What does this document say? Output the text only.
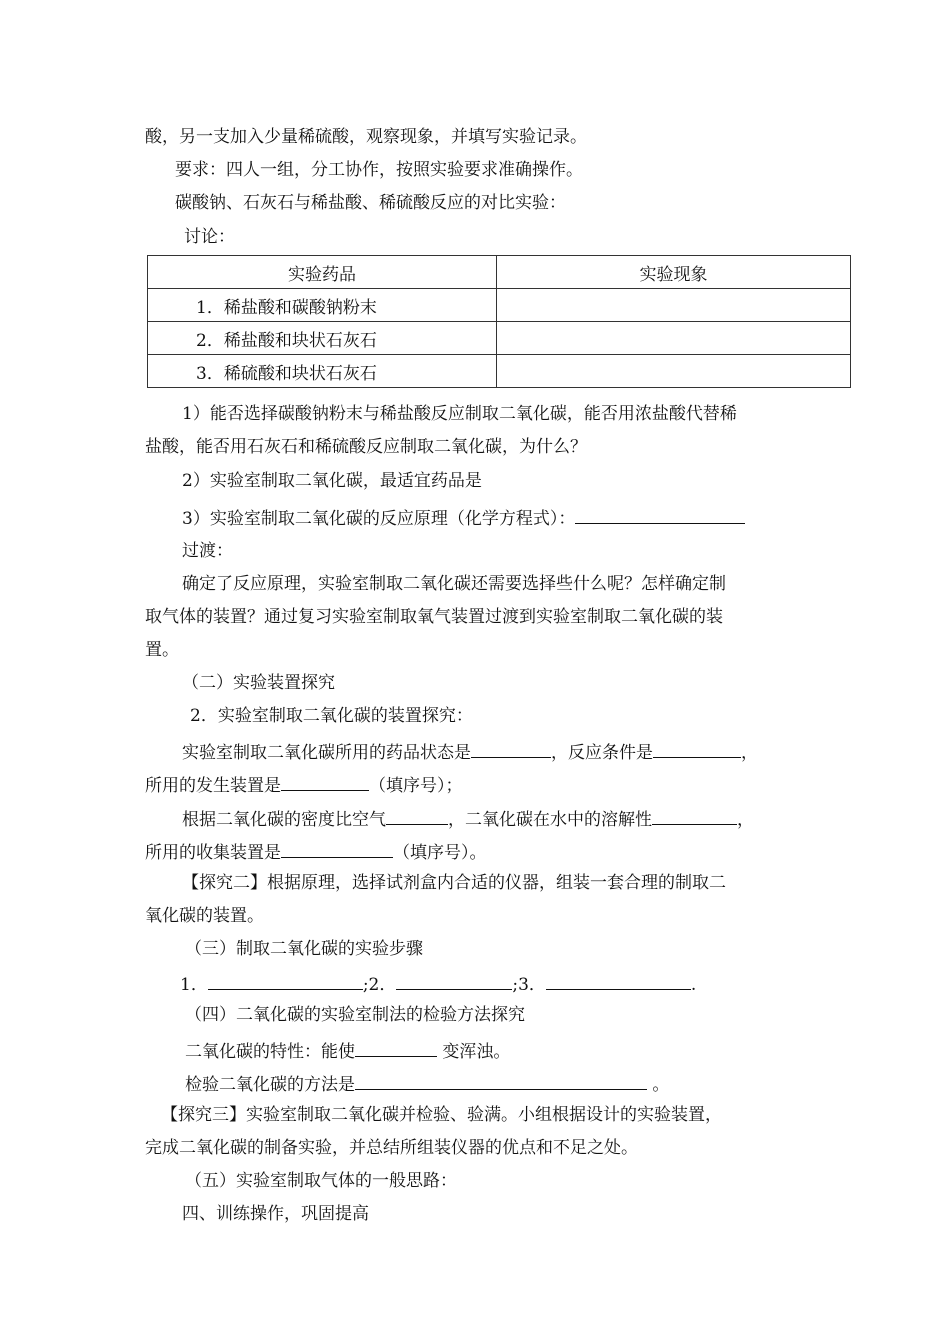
酸，另一支加入少量稀硫酸，观察现象，并填写实验记录。
要求：四人一组，分工协作，按照实验要求准确操作。
碳酸钠、石灰石与稀盐酸、稀硫酸反应的对比实验：
讨论：
实验药品	实验现象
1．稀盐酸和碳酸钠粉末	
2．稀盐酸和块状石灰石	
3．稀硫酸和块状石灰石	
1）能否选择碳酸钠粉末与稀盐酸反应制取二氧化碳，能否用浓盐酸代替稀
盐酸，能否用石灰石和稀硫酸反应制取二氧化碳，为什么？
2）实验室制取二氧化碳，最适宜药品是
3）实验室制取二氧化碳的反应原理（化学方程式）：
过渡：
确定了反应原理，实验室制取二氧化碳还需要选择些什么呢？怎样确定制
取气体的装置？通过复习实验室制取氧气装置过渡到实验室制取二氧化碳的装
置。
（二）实验装置探究
2．实验室制取二氧化碳的装置探究：
实验室制取二氧化碳所用的药品状态是	，反应条件是	，
所用的发生装置是	（填序号）；
根据二氧化碳的密度比空气	，二氧化碳在水中的溶解性	，
所用的收集装置是	（填序号）。
【探究二】根据原理，选择试剂盒内合适的仪器，组装一套合理的制取二
氧化碳的装置。
（三）制取二氧化碳的实验步骤
1．	;2．	;3．	.
（四）二氧化碳的实验室制法的检验方法探究
二氧化碳的特性：能使	变浑浊。
检验二氧化碳的方法是	。
【探究三】实验室制取二氧化碳并检验、验满。小组根据设计的实验装置，
完成二氧化碳的制备实验，并总结所组装仪器的优点和不足之处。
（五）实验室制取气体的一般思路：
四、训练操作，巩固提高
